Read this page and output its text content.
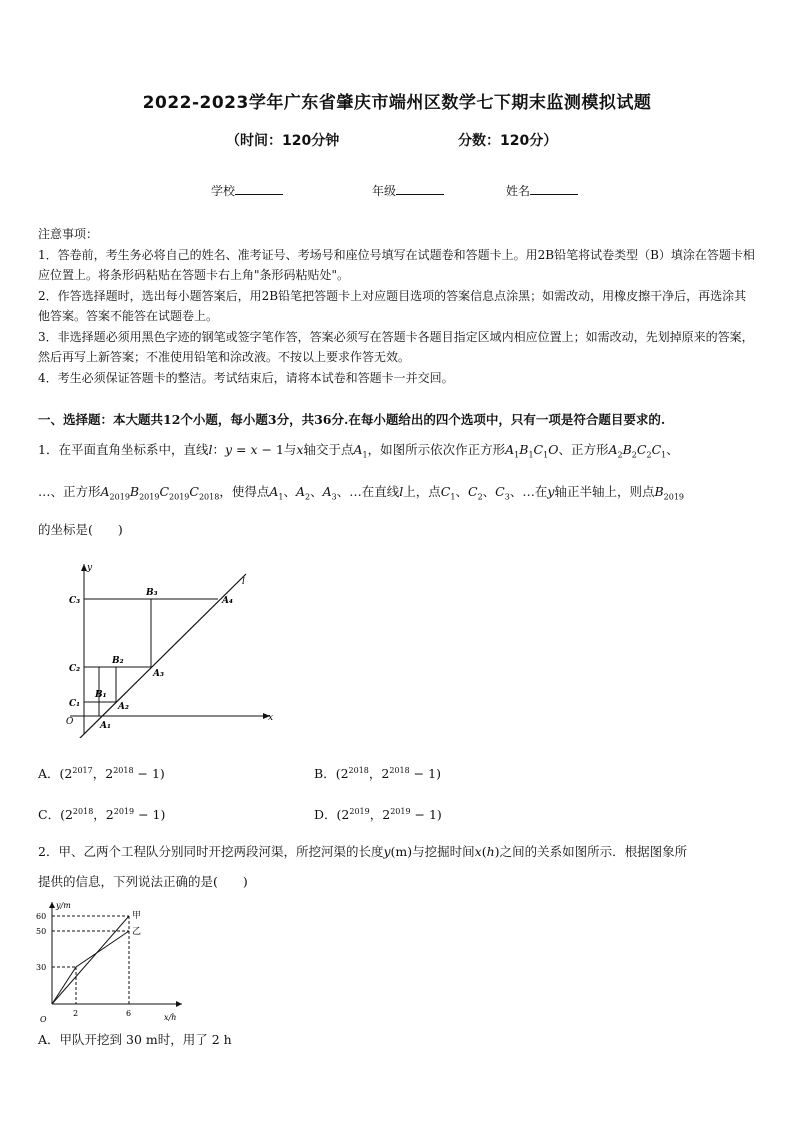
2022-2023学年广东省肇庆市端州区数学七下期末监测模拟试题
（时间：120分钟	分数：120分）
学校	年级	姓名

注意事项：

1．答卷前，考生务必将自己的姓名、准考证号、考场号和座位号填写在试题卷和答题卡上。用2B铅笔将试卷类型（B）填涂在答题卡相应位置上。将条形码粘贴在答题卡右上角"条形码粘贴处"。

2．作答选择题时，选出每小题答案后，用2B铅笔把答题卡上对应题目选项的答案信息点涂黑；如需改动，用橡皮擦干净后，再选涂其他答案。答案不能答在试题卷上。

3．非选择题必须用黑色字迹的钢笔或签字笔作答，答案必须写在答题卡各题目指定区域内相应位置上；如需改动，先划掉原来的答案，然后再写上新答案；不准使用铅笔和涂改液。不按以上要求作答无效。

4．考生必须保证答题卡的整洁。考试结束后，请将本试卷和答题卡一并交回。

一、选择题：本大题共12个小题，每小题3分，共36分.在每小题给出的四个选项中，只有一项是符合题目要求的.
1．在平面直角坐标系中，直线l：y = x − 1与x轴交于点$A_1$，如图所示依次作正方形$A_1B_1C_1O$、正方形$A_2B_2C_2C_1$、
…、正方形$A_{2019}B_{2019}C_{2019}C_{2018}$，使得点$A_1$、$A_2$、$A_3$、…在直线l上，点$C_1$、$C_2$、$C_3$、…在y轴正半轴上，则点$B_{2019}$
的坐标是(　　)
y
x
l
O
C₁
C₂
C₃
B₁
B₂
B₃
A₁
A₂
A₃
A₄
A．($2^{2017}$，$2^{2018} - 1$)	B．($2^{2018}$，$2^{2018} - 1$)
C．($2^{2018}$，$2^{2019} - 1$)	D．($2^{2019}$，$2^{2019} - 1$)
2．甲、乙两个工程队分别同时开挖两段河渠，所挖河渠的长度y(m)与挖掘时间x(h)之间的关系如图所示．根据图象所
提供的信息，下列说法正确的是(　　)
y/m
x/h
O
60
50
30
2	6
甲
乙
A．甲队开挖到 30 m时，用了 2 h
